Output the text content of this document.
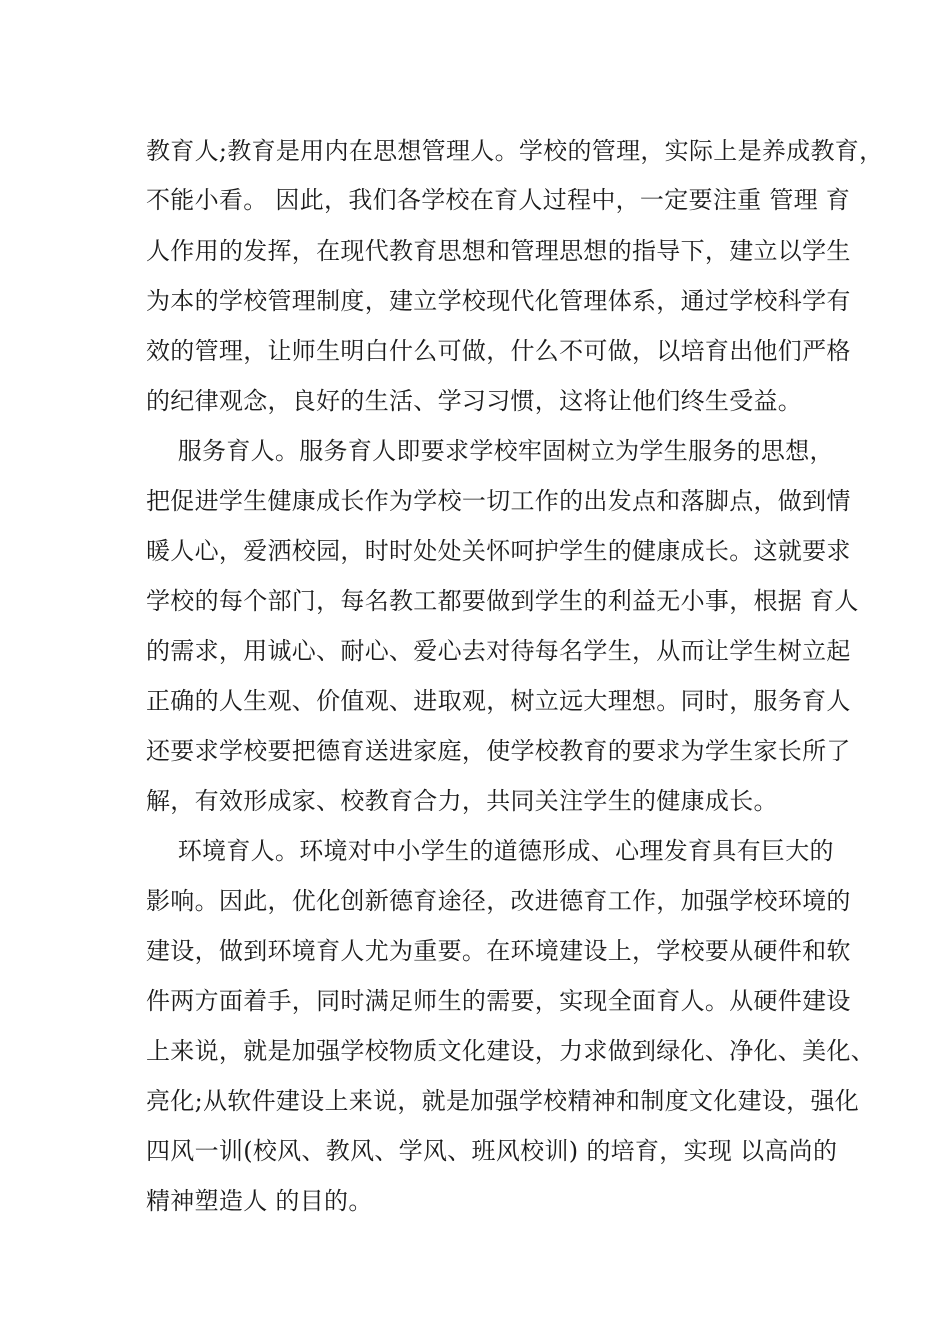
教育人;教育是用内在思想管理人。学校的管理，实际上是养成教育，
不能小看。 因此，我们各学校在育人过程中，一定要注重 管理 育
人作用的发挥，在现代教育思想和管理思想的指导下，建立以学生
为本的学校管理制度，建立学校现代化管理体系，通过学校科学有
效的管理，让师生明白什么可做，什么不可做，以培育出他们严格
的纪律观念，良好的生活、学习习惯，这将让他们终生受益。
服务育人。服务育人即要求学校牢固树立为学生服务的思想，
把促进学生健康成长作为学校一切工作的出发点和落脚点，做到情
暖人心，爱洒校园，时时处处关怀呵护学生的健康成长。这就要求
学校的每个部门，每名教工都要做到学生的利益无小事，根据 育人
的需求，用诚心、耐心、爱心去对待每名学生，从而让学生树立起
正确的人生观、价值观、进取观，树立远大理想。同时，服务育人
还要求学校要把德育送进家庭，使学校教育的要求为学生家长所了
解，有效形成家、校教育合力，共同关注学生的健康成长。
环境育人。环境对中小学生的道德形成、心理发育具有巨大的
影响。因此，优化创新德育途径，改进德育工作，加强学校环境的
建设，做到环境育人尤为重要。在环境建设上，学校要从硬件和软
件两方面着手，同时满足师生的需要，实现全面育人。从硬件建设
上来说，就是加强学校物质文化建设，力求做到绿化、净化、美化、
亮化;从软件建设上来说，就是加强学校精神和制度文化建设，强化
四风一训(校风、教风、学风、班风校训) 的培育，实现 以高尚的
精神塑造人 的目的。
